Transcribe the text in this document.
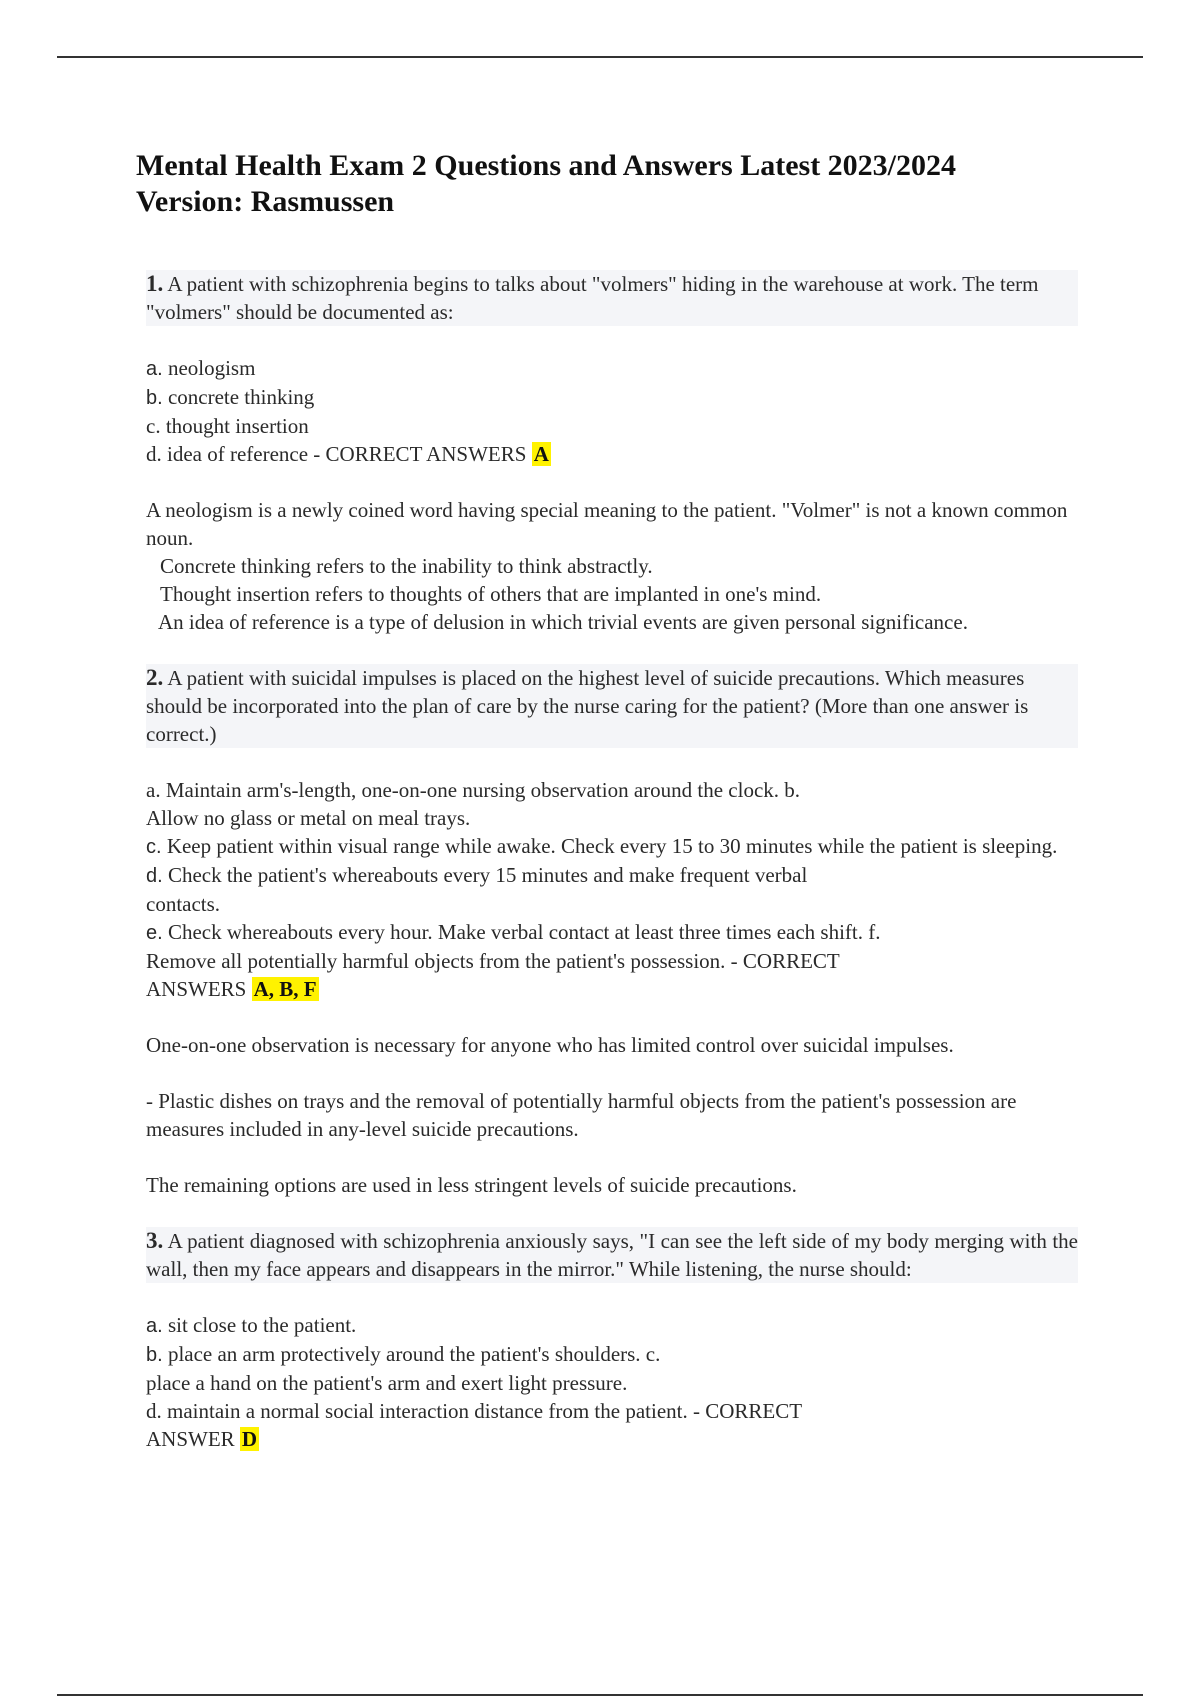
Mental Health Exam 2 Questions and Answers Latest 2023/2024
Version: Rasmussen
1. A patient with schizophrenia begins to talks about "volmers" hiding in the warehouse at work. The term "volmers" should be documented as:
a. neologism
b. concrete thinking
c. thought insertion
d. idea of reference - CORRECT ANSWERS A
A neologism is a newly coined word having special meaning to the patient. "Volmer" is not a known common noun.
Concrete thinking refers to the inability to think abstractly.
Thought insertion refers to thoughts of others that are implanted in one's mind.
An idea of reference is a type of delusion in which trivial events are given personal significance.
2. A patient with suicidal impulses is placed on the highest level of suicide precautions. Which measures should be incorporated into the plan of care by the nurse caring for the patient? (More than one answer is correct.)
a. Maintain arm's-length, one-on-one nursing observation around the clock. b.
Allow no glass or metal on meal trays.
c. Keep patient within visual range while awake. Check every 15 to 30 minutes while the patient is sleeping.
d. Check the patient's whereabouts every 15 minutes and make frequent verbal
contacts.
e. Check whereabouts every hour. Make verbal contact at least three times each shift. f.
Remove all potentially harmful objects from the patient's possession. - CORRECT
ANSWERS A, B, F
One-on-one observation is necessary for anyone who has limited control over suicidal impulses.
- Plastic dishes on trays and the removal of potentially harmful objects from the patient's possession are measures included in any-level suicide precautions.
The remaining options are used in less stringent levels of suicide precautions.
3. A patient diagnosed with schizophrenia anxiously says, "I can see the left side of my body merging with the wall, then my face appears and disappears in the mirror." While listening, the nurse should:
a. sit close to the patient.
b. place an arm protectively around the patient's shoulders. c.
place a hand on the patient's arm and exert light pressure.
d. maintain a normal social interaction distance from the patient. - CORRECT
ANSWER D
